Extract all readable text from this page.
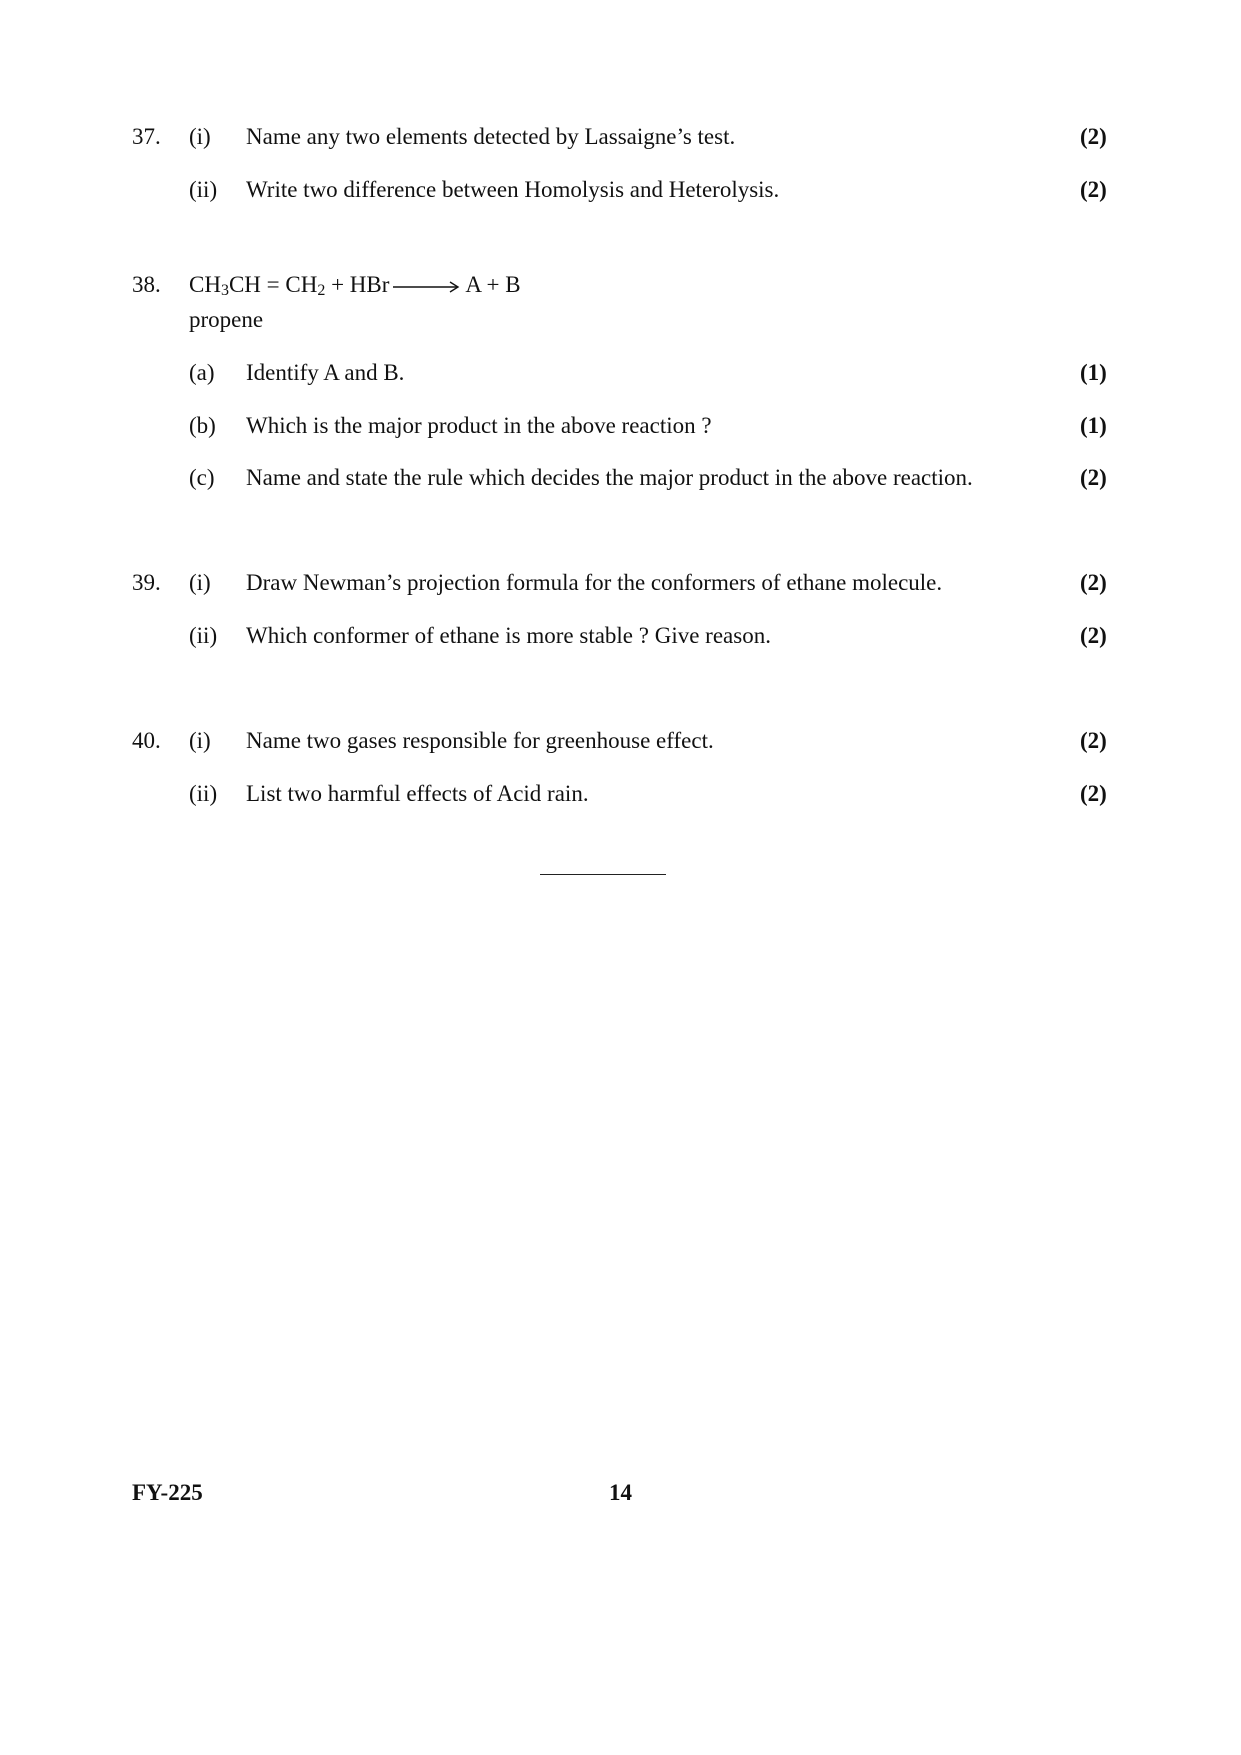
37. (i) Name any two elements detected by Lassaigne’s test.	(2)
(ii) Write two difference between Homolysis and Heterolysis.	(2)
38. $CH_3CH = CH_2$ + HBr → A + B
propene
(a) Identify A and B.	(1)
(b) Which is the major product in the above reaction ?	(1)
(c) Name and state the rule which decides the major product in the above reaction.	(2)
39. (i) Draw Newman’s projection formula for the conformers of ethane molecule.	(2)
(ii) Which conformer of ethane is more stable ? Give reason.	(2)
40. (i) Name two gases responsible for greenhouse effect.	(2)
(ii) List two harmful effects of Acid rain.	(2)
FY-225	14
